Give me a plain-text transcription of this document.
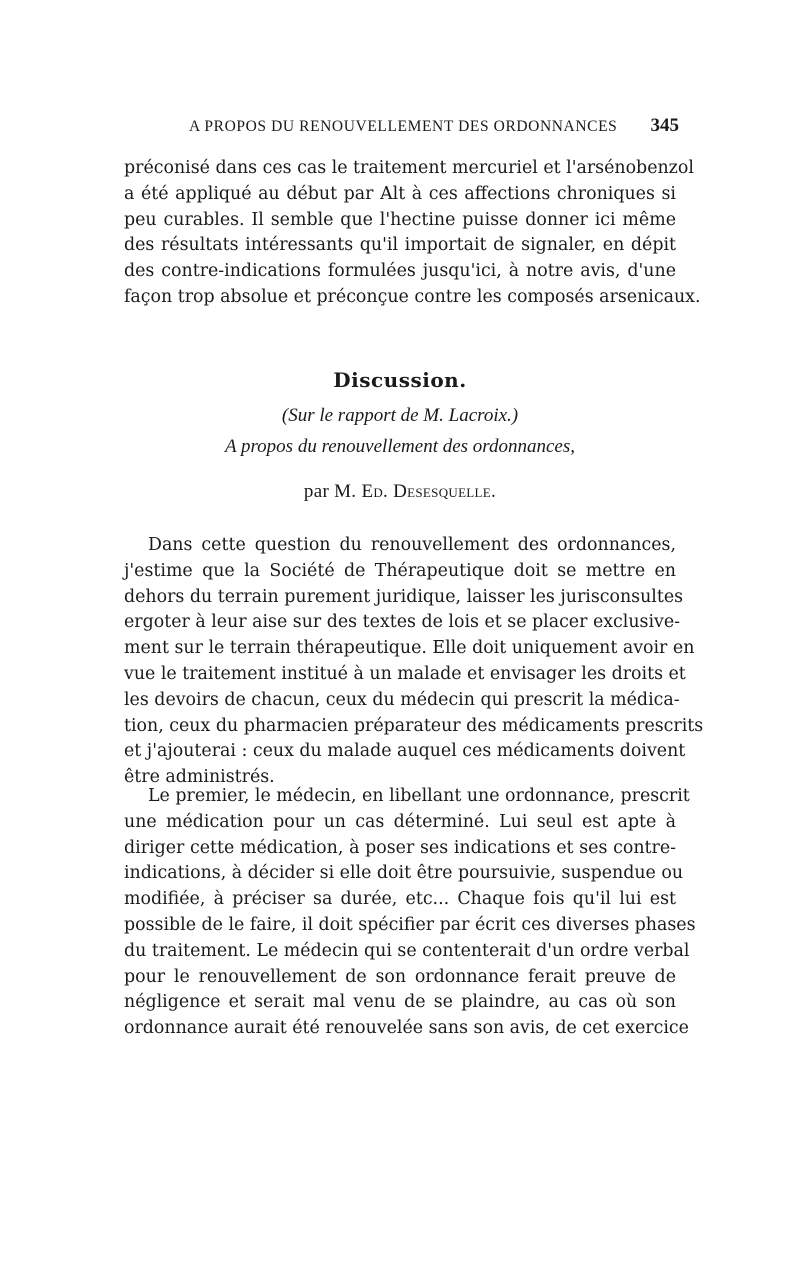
A PROPOS DU RENOUVELLEMENT DES ORDONNANCES 345
préconisé dans ces cas le traitement mercuriel et l'arsénobenzol
a été appliqué au début par Alt à ces affections chroniques si
peu curables. Il semble que l'hectine puisse donner ici même
des résultats intéressants qu'il importait de signaler, en dépit
des contre-indications formulées jusqu'ici, à notre avis, d'une
façon trop absolue et préconçue contre les composés arsenicaux.
Discussion.
(Sur le rapport de M. Lacroix.)
A propos du renouvellement des ordonnances,
par M. Ed. Desesquelle.
Dans cette question du renouvellement des ordonnances,
j'estime que la Société de Thérapeutique doit se mettre en
dehors du terrain purement juridique, laisser les jurisconsultes
ergoter à leur aise sur des textes de lois et se placer exclusive-
ment sur le terrain thérapeutique. Elle doit uniquement avoir en
vue le traitement institué à un malade et envisager les droits et
les devoirs de chacun, ceux du médecin qui prescrit la médica-
tion, ceux du pharmacien préparateur des médicaments prescrits
et j'ajouterai : ceux du malade auquel ces médicaments doivent
être administrés.
Le premier, le médecin, en libellant une ordonnance, prescrit
une médication pour un cas déterminé. Lui seul est apte à
diriger cette médication, à poser ses indications et ses contre-
indications, à décider si elle doit être poursuivie, suspendue ou
modifiée, à préciser sa durée, etc... Chaque fois qu'il lui est
possible de le faire, il doit spécifier par écrit ces diverses phases
du traitement. Le médecin qui se contenterait d'un ordre verbal
pour le renouvellement de son ordonnance ferait preuve de
négligence et serait mal venu de se plaindre, au cas où son
ordonnance aurait été renouvelée sans son avis, de cet exercice
